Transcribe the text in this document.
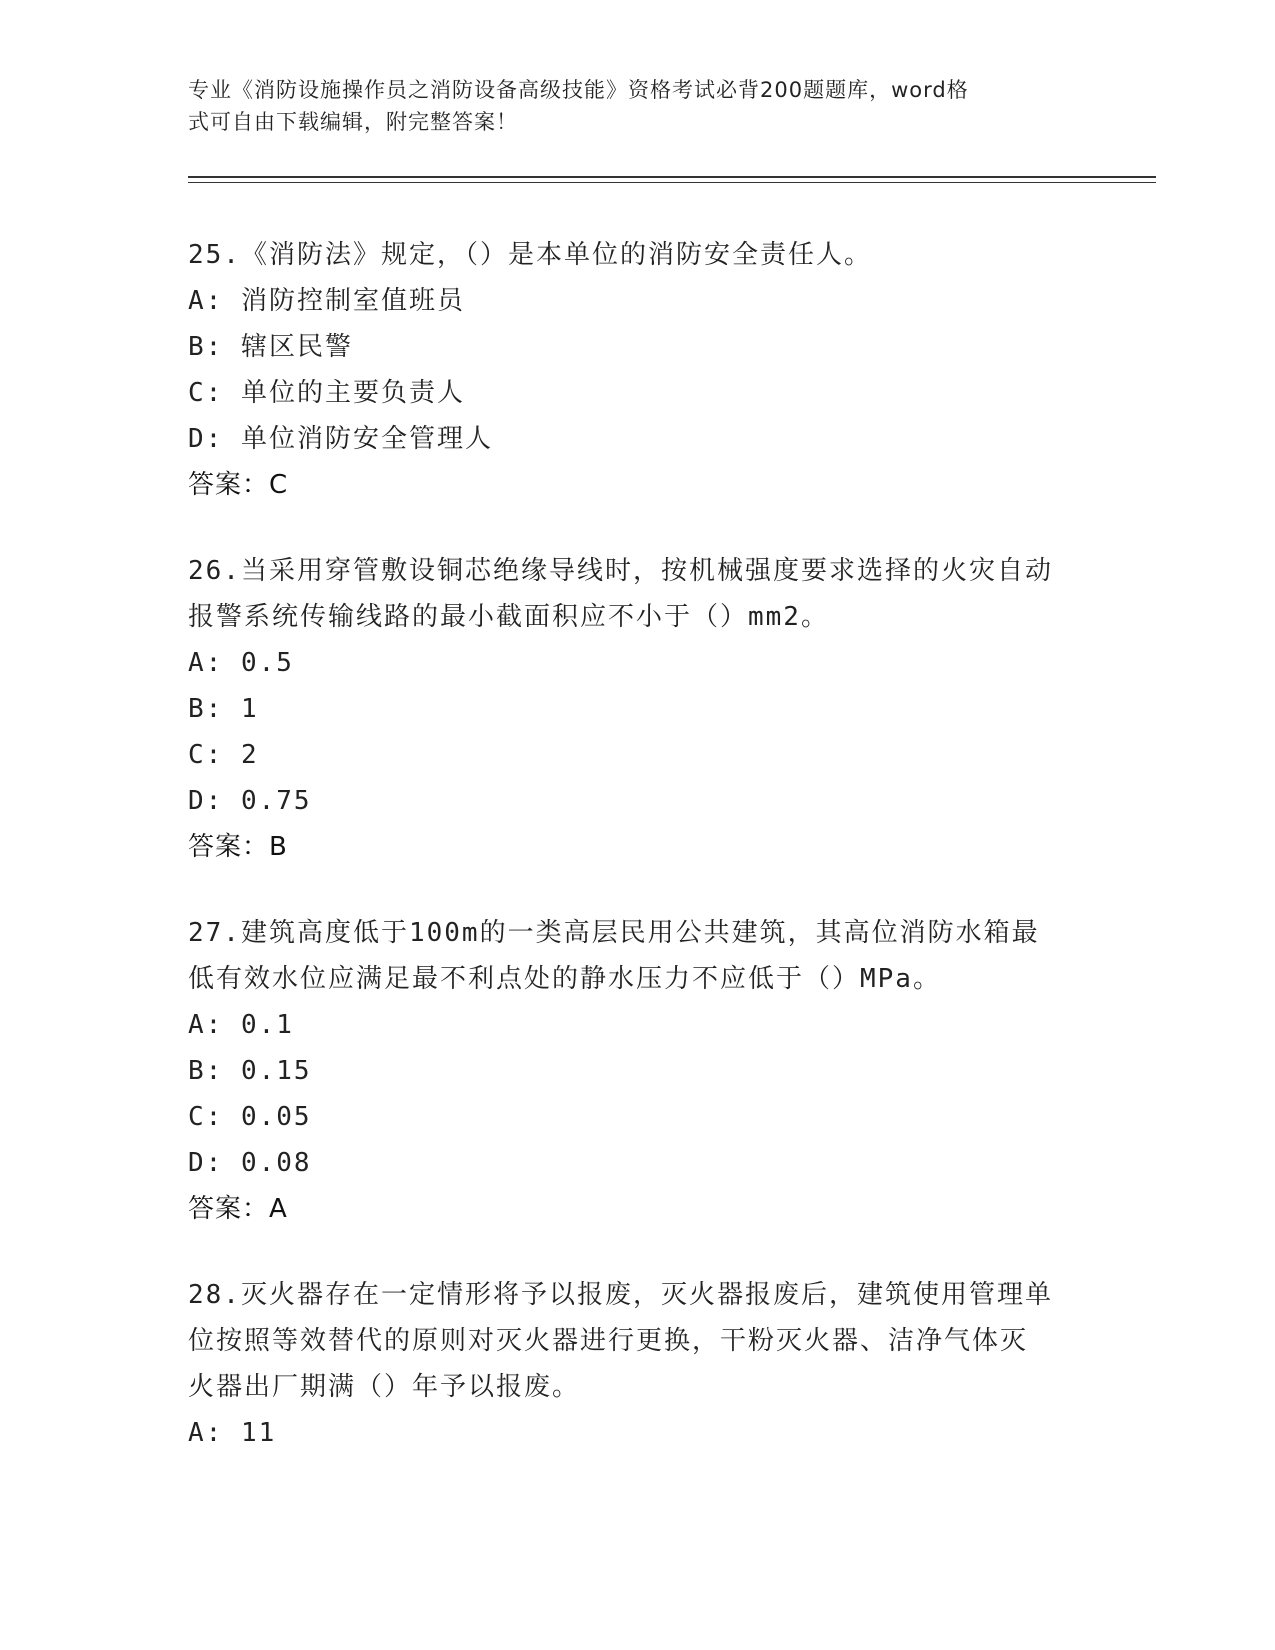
专业《消防设施操作员之消防设备高级技能》资格考试必背200题题库，word格
式可自由下载编辑，附完整答案！
25.《消防法》规定，（）是本单位的消防安全责任人。
A: 消防控制室值班员
B: 辖区民警
C: 单位的主要负责人
D: 单位消防安全管理人
答案：C
26.当采用穿管敷设铜芯绝缘导线时，按机械强度要求选择的火灾自动
报警系统传输线路的最小截面积应不小于（）mm2。
A: 0.5
B: 1
C: 2
D: 0.75
答案：B
27.建筑高度低于100m的一类高层民用公共建筑，其高位消防水箱最
低有效水位应满足最不利点处的静水压力不应低于（）MPa。
A: 0.1
B: 0.15
C: 0.05
D: 0.08
答案：A
28.灭火器存在一定情形将予以报废，灭火器报废后，建筑使用管理单
位按照等效替代的原则对灭火器进行更换，干粉灭火器、洁净气体灭
火器出厂期满（）年予以报废。
A: 11
